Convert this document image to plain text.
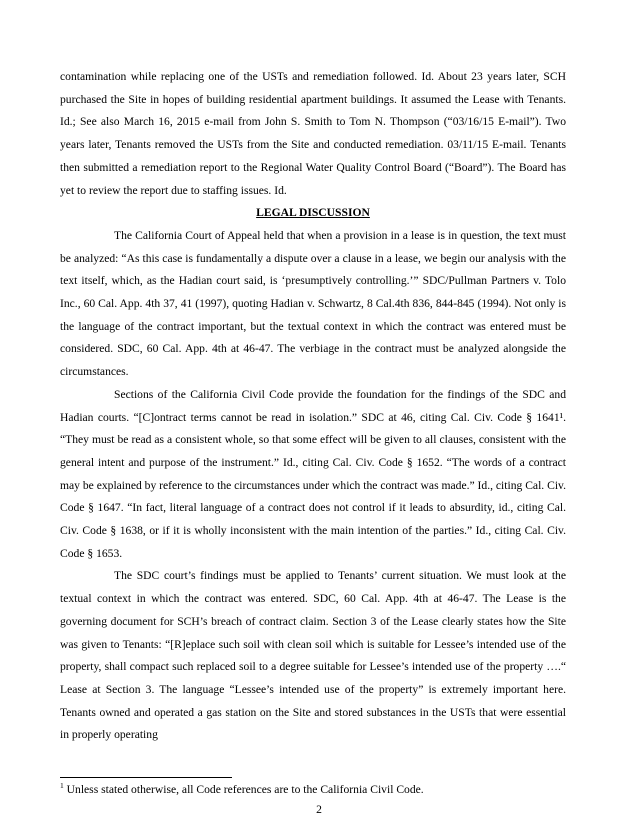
contamination while replacing one of the USTs and remediation followed. Id. About 23 years later, SCH purchased the Site in hopes of building residential apartment buildings. It assumed the Lease with Tenants. Id.; See also March 16, 2015 e-mail from John S. Smith to Tom N. Thompson (“03/16/15 E-mail”). Two years later, Tenants removed the USTs from the Site and conducted remediation. 03/11/15 E-mail. Tenants then submitted a remediation report to the Regional Water Quality Control Board (“Board”). The Board has yet to review the report due to staffing issues. Id.

LEGAL DISCUSSION

The California Court of Appeal held that when a provision in a lease is in question, the text must be analyzed: “As this case is fundamentally a dispute over a clause in a lease, we begin our analysis with the text itself, which, as the Hadian court said, is ‘presumptively controlling.’” SDC/Pullman Partners v. Tolo Inc., 60 Cal. App. 4th 37, 41 (1997), quoting Hadian v. Schwartz, 8 Cal.4th 836, 844-845 (1994). Not only is the language of the contract important, but the textual context in which the contract was entered must be considered. SDC, 60 Cal. App. 4th at 46-47. The verbiage in the contract must be analyzed alongside the circumstances.

Sections of the California Civil Code provide the foundation for the findings of the SDC and Hadian courts. “[C]ontract terms cannot be read in isolation.” SDC at 46, citing Cal. Civ. Code § 1641¹. “They must be read as a consistent whole, so that some effect will be given to all clauses, consistent with the general intent and purpose of the instrument.” Id., citing Cal. Civ. Code § 1652. “The words of a contract may be explained by reference to the circumstances under which the contract was made.” Id., citing Cal. Civ. Code § 1647. “In fact, literal language of a contract does not control if it leads to absurdity, id., citing Cal. Civ. Code § 1638, or if it is wholly inconsistent with the main intention of the parties.” Id., citing Cal. Civ. Code § 1653.

The SDC court’s findings must be applied to Tenants’ current situation. We must look at the textual context in which the contract was entered. SDC, 60 Cal. App. 4th at 46-47. The Lease is the governing document for SCH’s breach of contract claim. Section 3 of the Lease clearly states how the Site was given to Tenants: “[R]eplace such soil with clean soil which is suitable for Lessee’s intended use of the property, shall compact such replaced soil to a degree suitable for Lessee’s intended use of the property ….“ Lease at Section 3. The language “Lessee’s intended use of the property” is extremely important here. Tenants owned and operated a gas station on the Site and stored substances in the USTs that were essential in properly operating

$^1$ Unless stated otherwise, all Code references are to the California Civil Code.
2
